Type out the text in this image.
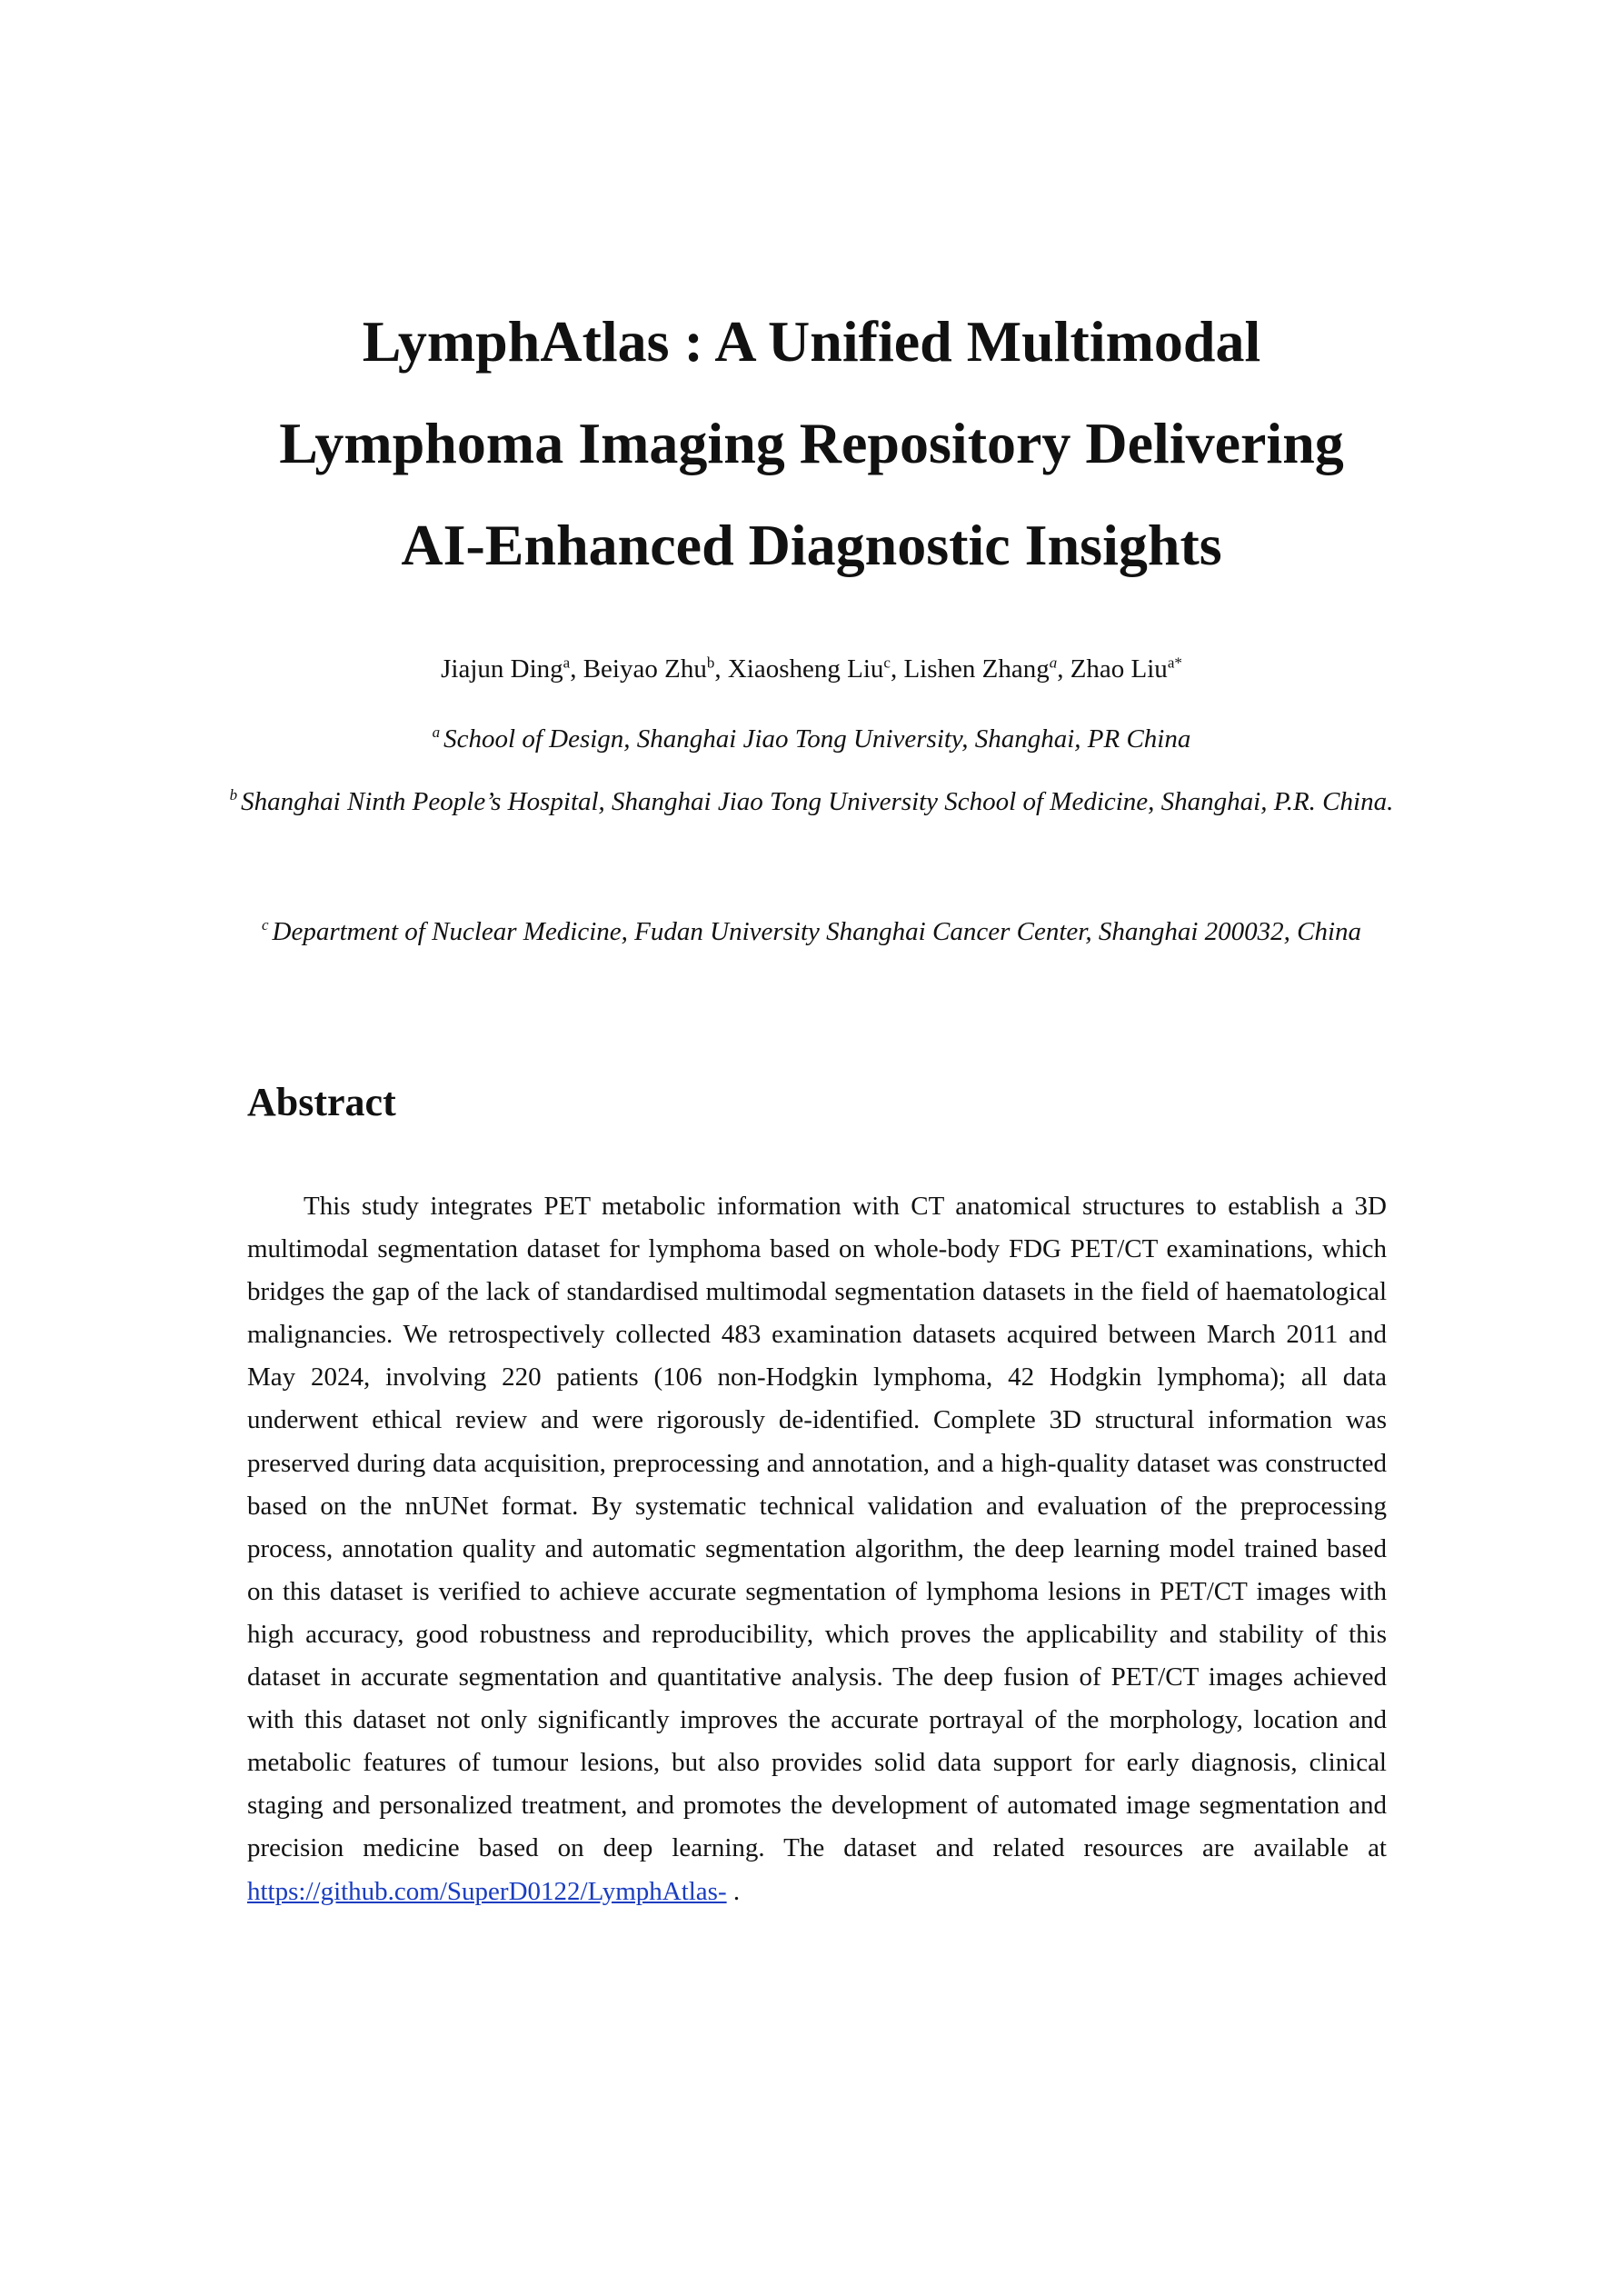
LymphAtlas : A Unified Multimodal
Lymphoma Imaging Repository Delivering
AI-Enhanced Diagnostic Insights

Jiajun Ding$^a$, Beiyao Zhu$^b$, Xiaosheng Liu$^c$, Lishen Zhang$^a$, Zhao Liu$^{a*}$

$^a$ School of Design, Shanghai Jiao Tong University, Shanghai, PR China

$^b$ Shanghai Ninth People’s Hospital, Shanghai Jiao Tong University School of Medicine, Shanghai, P.R. China.

$^c$ Department of Nuclear Medicine, Fudan University Shanghai Cancer Center, Shanghai 200032, China

Abstract

This study integrates PET metabolic information with CT anatomical structures to establish a 3D multimodal segmentation dataset for lymphoma based on whole-body FDG PET/CT examinations, which bridges the gap of the lack of standardised multimodal segmentation datasets in the field of haematological malignancies. We retrospectively collected 483 examination datasets acquired between March 2011 and May 2024, involving 220 patients (106 non-Hodgkin lymphoma, 42 Hodgkin lymphoma); all data underwent ethical review and were rigorously de-identified. Complete 3D structural information was preserved during data acquisition, preprocessing and annotation, and a high-quality dataset was constructed based on the nnUNet format. By systematic technical validation and evaluation of the preprocessing process, annotation quality and automatic segmentation algorithm, the deep learning model trained based on this dataset is verified to achieve accurate segmentation of lymphoma lesions in PET/CT images with high accuracy, good robustness and reproducibility, which proves the applicability and stability of this dataset in accurate segmentation and quantitative analysis. The deep fusion of PET/CT images achieved with this dataset not only significantly improves the accurate portrayal of the morphology, location and metabolic features of tumour lesions, but also provides solid data support for early diagnosis, clinical staging and personalized treatment, and promotes the development of automated image segmentation and precision medicine based on deep learning. The dataset and related resources are available at https://github.com/SuperD0122/LymphAtlas- .
